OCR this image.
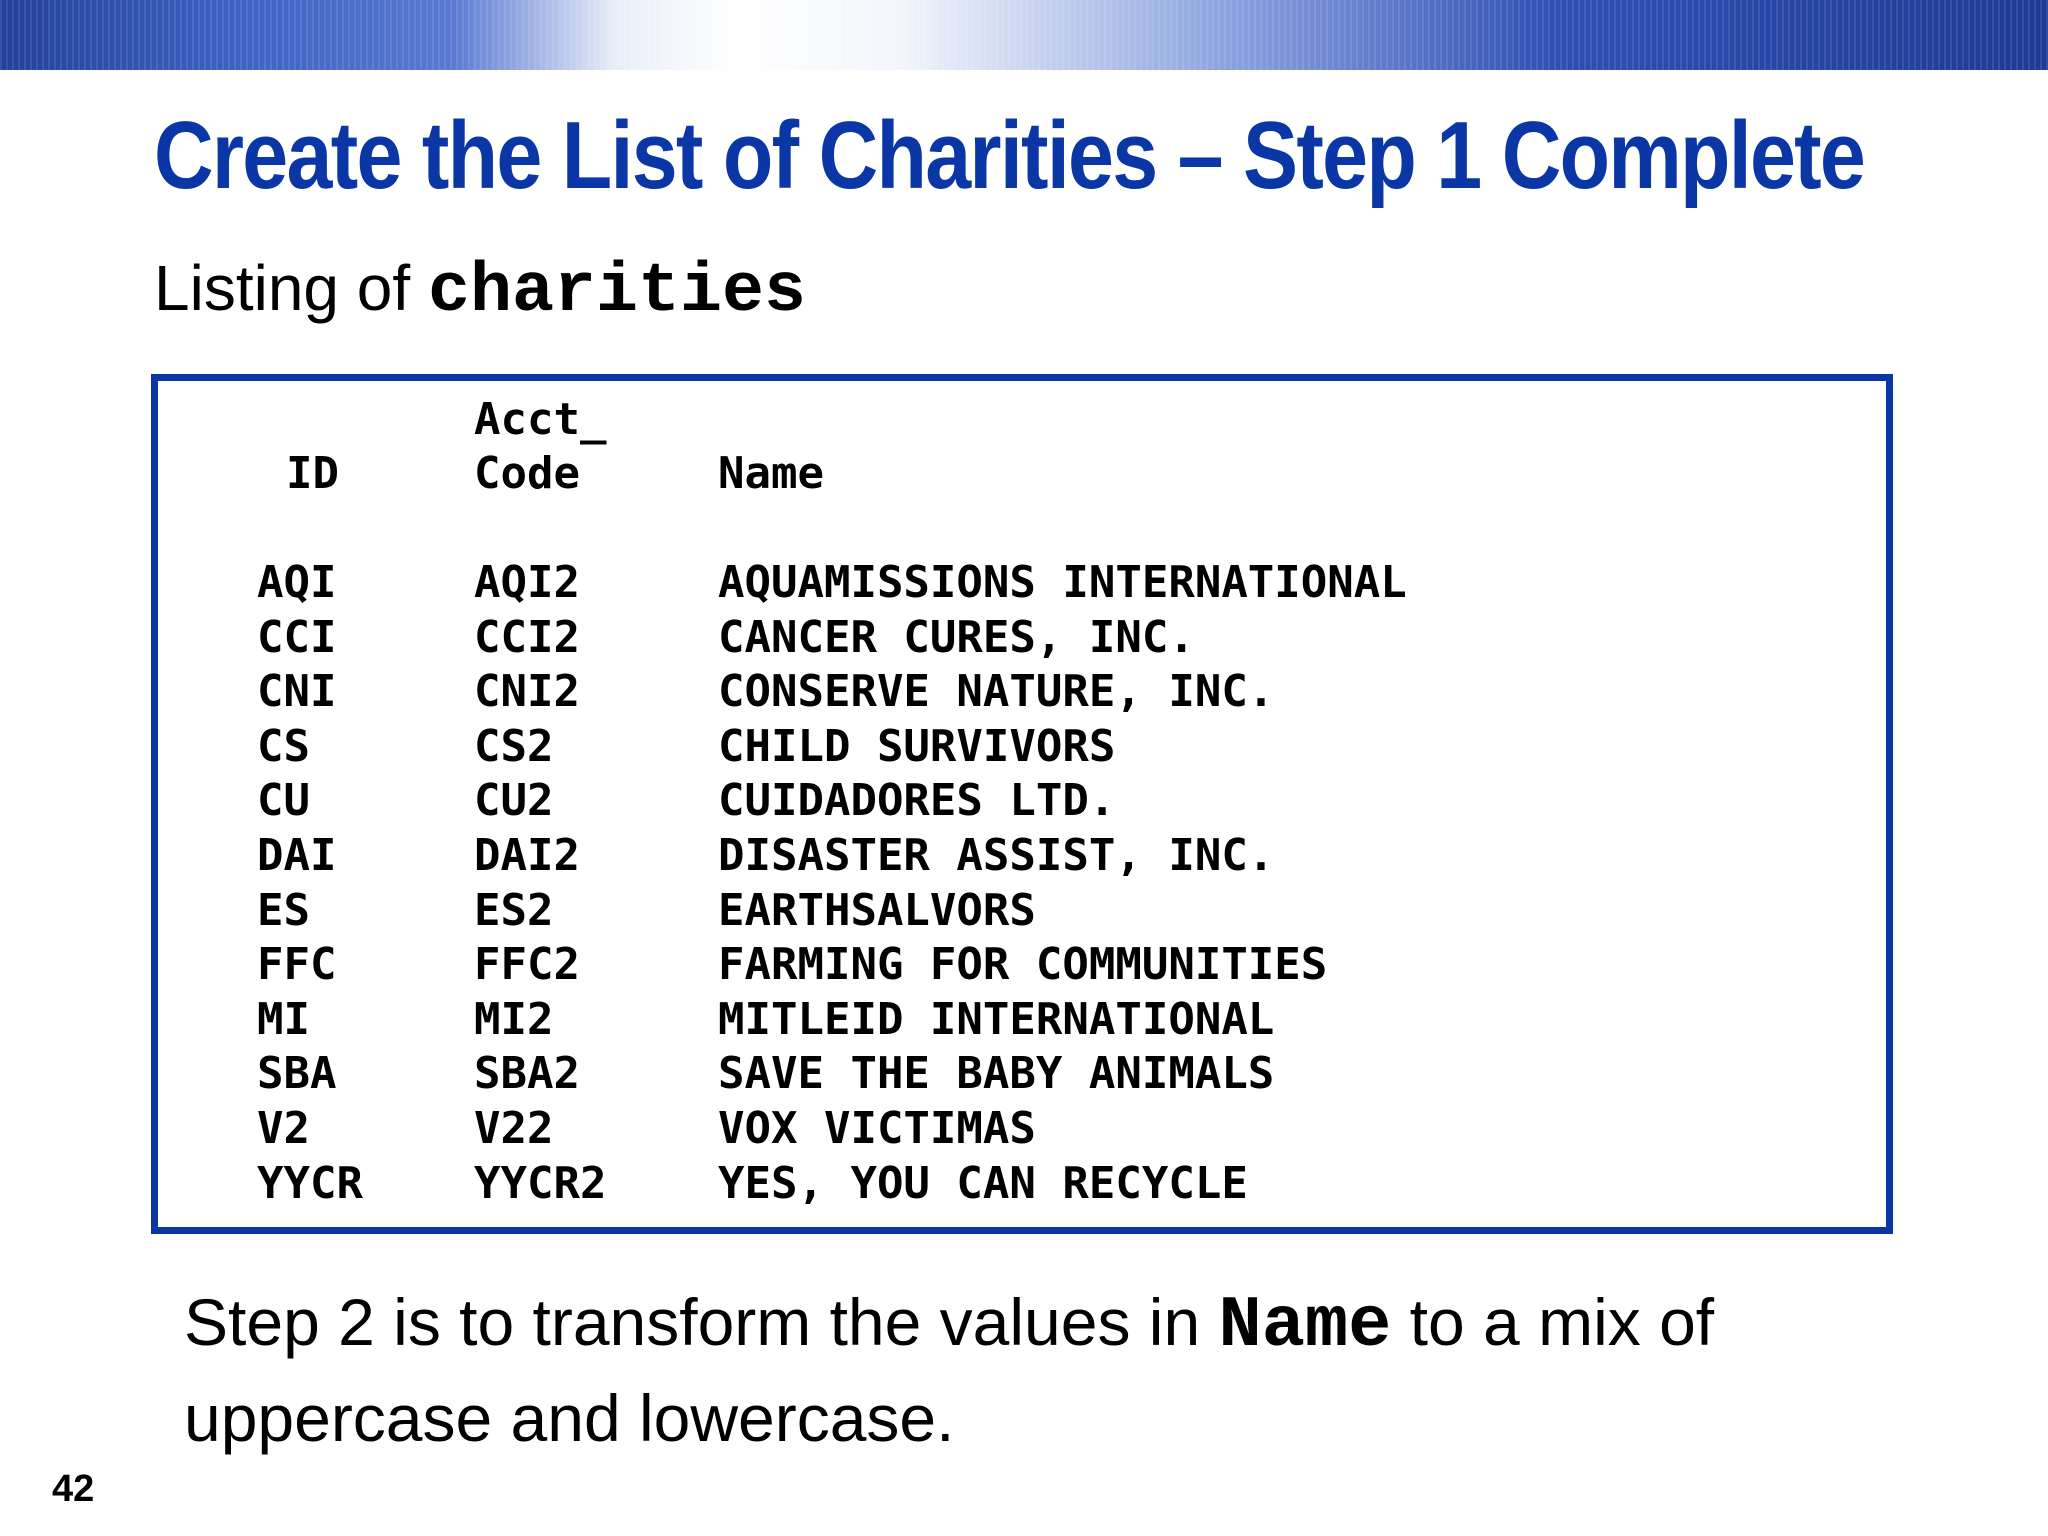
Create the List of Charities – Step 1 Complete
Listing of charities
Acct_
ID	Code	Name
AQI	AQI2	AQUAMISSIONS INTERNATIONAL
CCI	CCI2	CANCER CURES, INC.
CNI	CNI2	CONSERVE NATURE, INC.
CS	CS2	CHILD SURVIVORS
CU	CU2	CUIDADORES LTD.
DAI	DAI2	DISASTER ASSIST, INC.
ES	ES2	EARTHSALVORS
FFC	FFC2	FARMING FOR COMMUNITIES
MI	MI2	MITLEID INTERNATIONAL
SBA	SBA2	SAVE THE BABY ANIMALS
V2	V22	VOX VICTIMAS
YYCR	YYCR2	YES, YOU CAN RECYCLE
Step 2 is to transform the values in Name to a mix of uppercase and lowercase.
42
